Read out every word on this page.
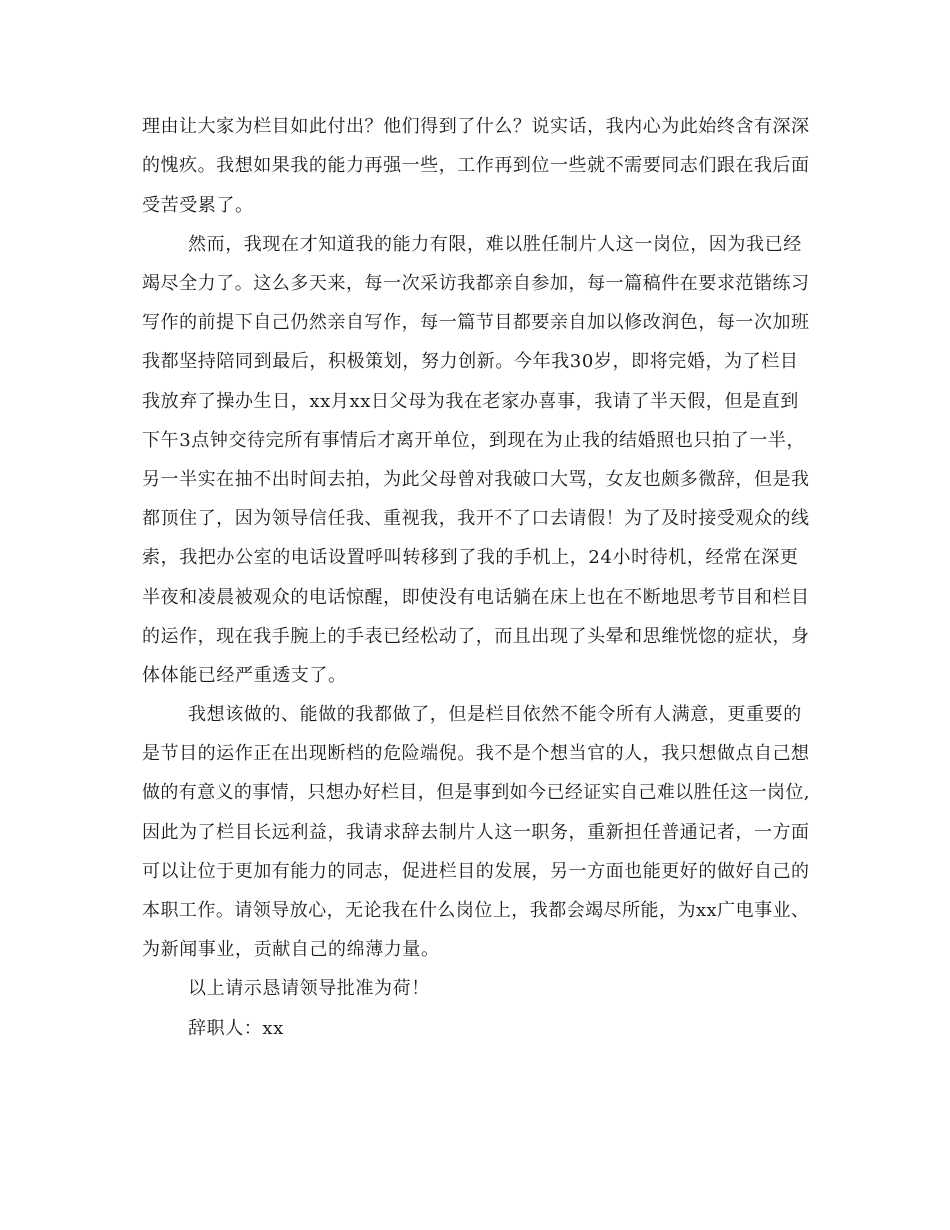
理由让大家为栏目如此付出？他们得到了什么？说实话，我内心为此始终含有深深
的愧疚。我想如果我的能力再强一些，工作再到位一些就不需要同志们跟在我后面
受苦受累了。
然而，我现在才知道我的能力有限，难以胜任制片人这一岗位，因为我已经
竭尽全力了。这么多天来，每一次采访我都亲自参加，每一篇稿件在要求范锴练习
写作的前提下自己仍然亲自写作，每一篇节目都要亲自加以修改润色，每一次加班
我都坚持陪同到最后，积极策划，努力创新。今年我30岁，即将完婚，为了栏目
我放弃了操办生日，xx月xx日父母为我在老家办喜事，我请了半天假，但是直到
下午3点钟交待完所有事情后才离开单位，到现在为止我的结婚照也只拍了一半，
另一半实在抽不出时间去拍，为此父母曾对我破口大骂，女友也颇多微辞，但是我
都顶住了，因为领导信任我、重视我，我开不了口去请假！为了及时接受观众的线
索，我把办公室的电话设置呼叫转移到了我的手机上，24小时待机，经常在深更
半夜和凌晨被观众的电话惊醒，即使没有电话躺在床上也在不断地思考节目和栏目
的运作，现在我手腕上的手表已经松动了，而且出现了头晕和思维恍惚的症状，身
体体能已经严重透支了。
我想该做的、能做的我都做了，但是栏目依然不能令所有人满意，更重要的
是节目的运作正在出现断档的危险端倪。我不是个想当官的人，我只想做点自己想
做的有意义的事情，只想办好栏目，但是事到如今已经证实自己难以胜任这一岗位,
因此为了栏目长远利益，我请求辞去制片人这一职务，重新担任普通记者，一方面
可以让位于更加有能力的同志，促进栏目的发展，另一方面也能更好的做好自己的
本职工作。请领导放心，无论我在什么岗位上，我都会竭尽所能，为xx广电事业、
为新闻事业，贡献自己的绵薄力量。
以上请示恳请领导批准为荷！
辞职人：xx
